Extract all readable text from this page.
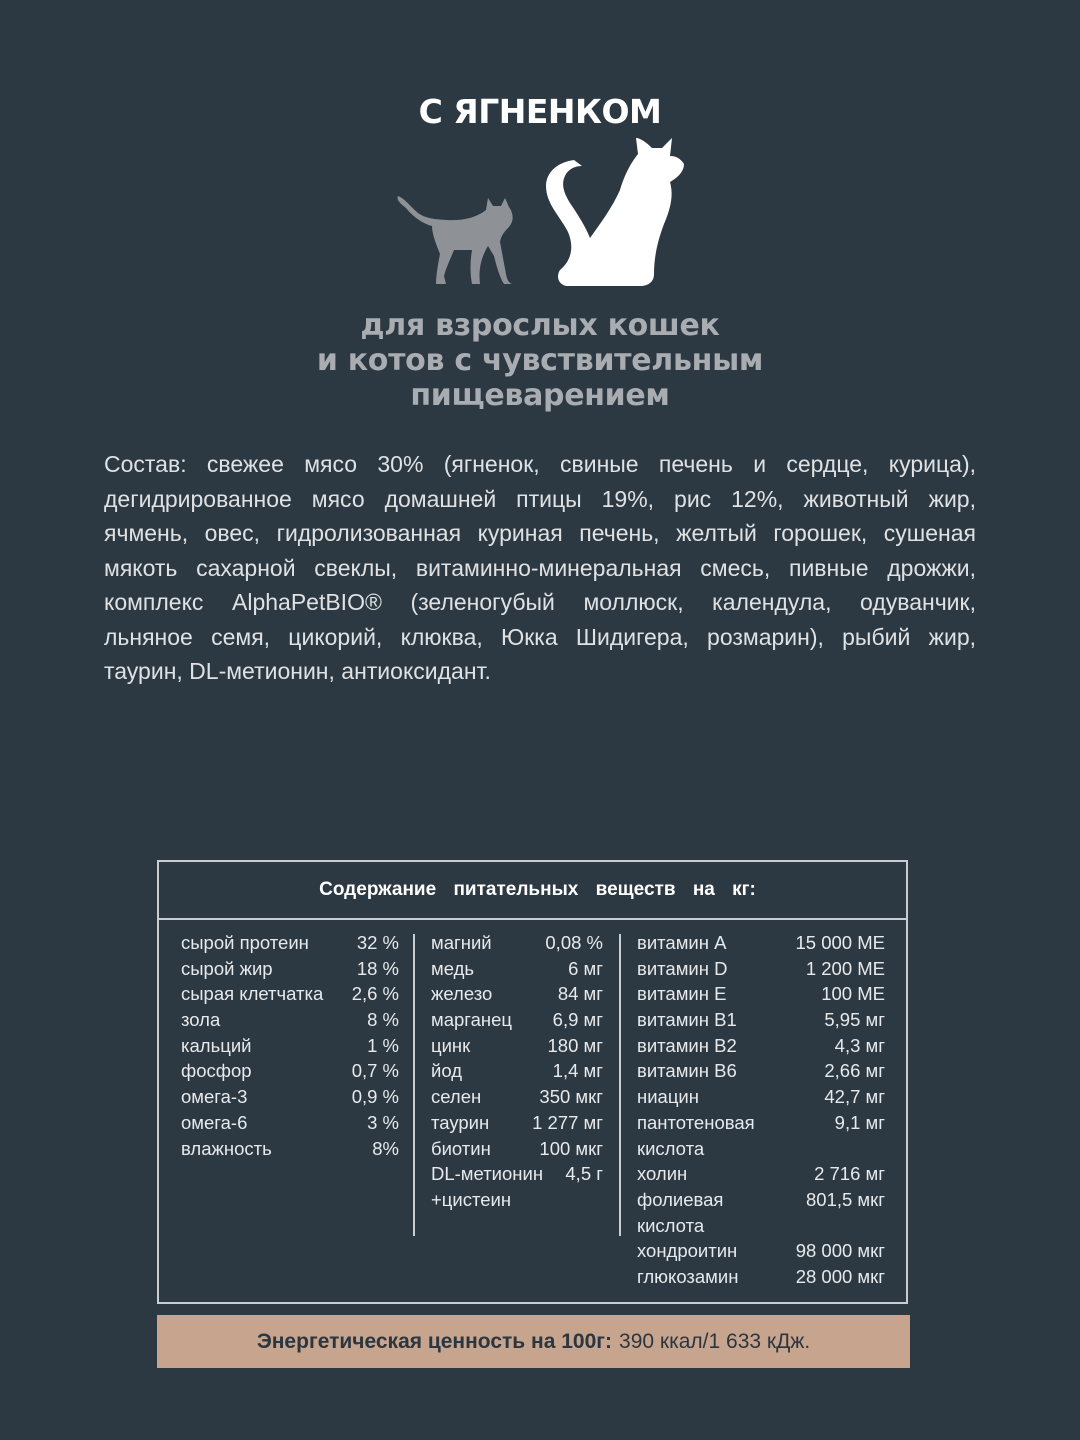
С ЯГНЕНКОМ
для взрослых кошек
и котов с чувствительным
пищеварением
Состав: свежее мясо 30% (ягненок, свиные печень и сердце, курица),
дегидрированное мясо домашней птицы 19%, рис 12%, животный жир,
ячмень, овес, гидролизованная куриная печень, желтый горошек, сушеная
мякоть сахарной свеклы, витаминно-минеральная смесь, пивные дрожжи,
комплекс AlphaPetBIO® (зеленогубый моллюск, календула, одуванчик,
льняное семя, цикорий, клюква, Юкка Шидигера, розмарин), рыбий жир,
таурин, DL-метионин, антиоксидант.
Содержание питательных веществ на кг:
сырой протеин	32 %
сырой жир	18 %
сырая клетчатка 2,6 %
зола	8 %
кальций	1 %
фосфор	0,7 %
омега-3	0,9 %
омега-6	3 %
влажность	8%
магний	0,08 %
медь	6 мг
железо	84 мг
марганец 6,9 мг
цинк	180 мг
йод	1,4 мг
селен	350 мкг
таурин 1 277 мг
биотин	100 мкг
DL-метионин 4,5 г
+цистеин
витамин A	15 000 МЕ
витамин D	1 200 МЕ
витамин E	100 МЕ
витамин B1	5,95 мг
витамин B2	4,3 мг
витамин B6	2,66 мг
ниацин	42,7 мг
пантотеновая	9,1 мг
кислота
холин	2 716 мг
фолиевая	801,5 мкг
кислота
хондроитин	98 000 мкг
глюкозамин	28 000 мкг
Энергетическая ценность на 100г: 390 ккал/1 633 кДж.
